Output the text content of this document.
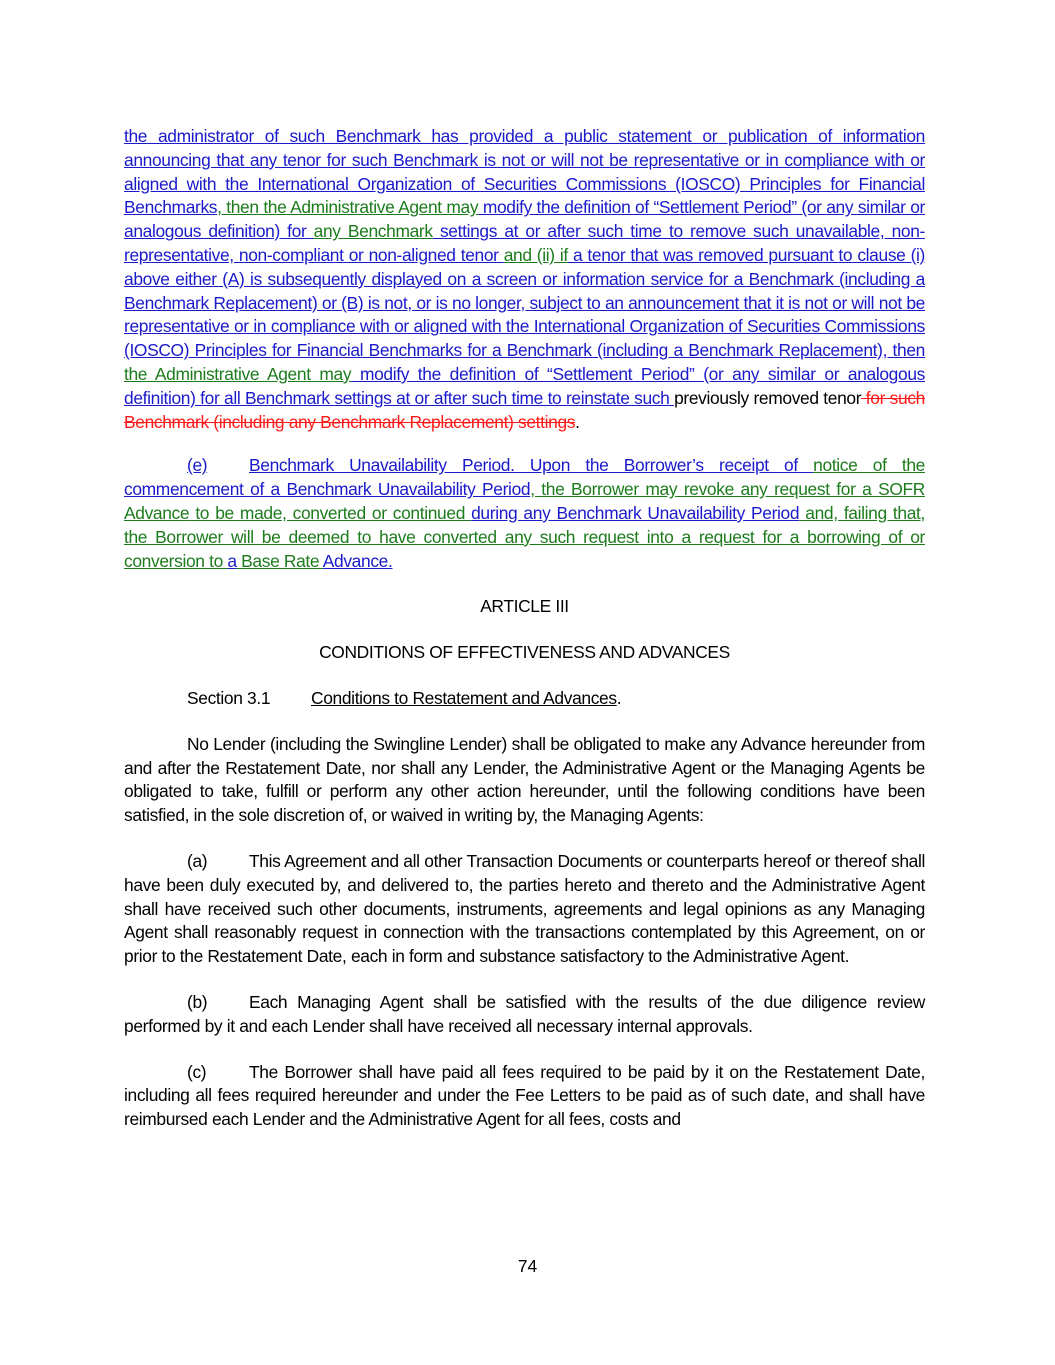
the administrator of such Benchmark has provided a public statement or publication of information announcing that any tenor for such Benchmark is not or will not be representative or in compliance with or aligned with the International Organization of Securities Commissions (IOSCO) Principles for Financial Benchmarks, then the Administrative Agent may modify the definition of “Settlement Period” (or any similar or analogous definition) for any Benchmark settings at or after such time to remove such unavailable, non-representative, non-compliant or non-aligned tenor and (ii) if a tenor that was removed pursuant to clause (i) above either (A) is subsequently displayed on a screen or information service for a Benchmark (including a Benchmark Replacement) or (B) is not, or is no longer, subject to an announcement that it is not or will not be representative or in compliance with or aligned with the International Organization of Securities Commissions (IOSCO) Principles for Financial Benchmarks for a Benchmark (including a Benchmark Replacement), then the Administrative Agent may modify the definition of “Settlement Period” (or any similar or analogous definition) for all Benchmark settings at or after such time to reinstate such previously removed tenor for such Benchmark (including any Benchmark Replacement) settings.

(e) Benchmark Unavailability Period. Upon the Borrower’s receipt of notice of the commencement of a Benchmark Unavailability Period, the Borrower may revoke any request for a SOFR Advance to be made, converted or continued during any Benchmark Unavailability Period and, failing that, the Borrower will be deemed to have converted any such request into a request for a borrowing of or conversion to a Base Rate Advance.

ARTICLE III

CONDITIONS OF EFFECTIVENESS AND ADVANCES

Section 3.1 Conditions to Restatement and Advances.

No Lender (including the Swingline Lender) shall be obligated to make any Advance hereunder from and after the Restatement Date, nor shall any Lender, the Administrative Agent or the Managing Agents be obligated to take, fulfill or perform any other action hereunder, until the following conditions have been satisfied, in the sole discretion of, or waived in writing by, the Managing Agents:

(a) This Agreement and all other Transaction Documents or counterparts hereof or thereof shall have been duly executed by, and delivered to, the parties hereto and thereto and the Administrative Agent shall have received such other documents, instruments, agreements and legal opinions as any Managing Agent shall reasonably request in connection with the transactions contemplated by this Agreement, on or prior to the Restatement Date, each in form and substance satisfactory to the Administrative Agent.

(b) Each Managing Agent shall be satisfied with the results of the due diligence review performed by it and each Lender shall have received all necessary internal approvals.

(c) The Borrower shall have paid all fees required to be paid by it on the Restatement Date, including all fees required hereunder and under the Fee Letters to be paid as of such date, and shall have reimbursed each Lender and the Administrative Agent for all fees, costs and

74
